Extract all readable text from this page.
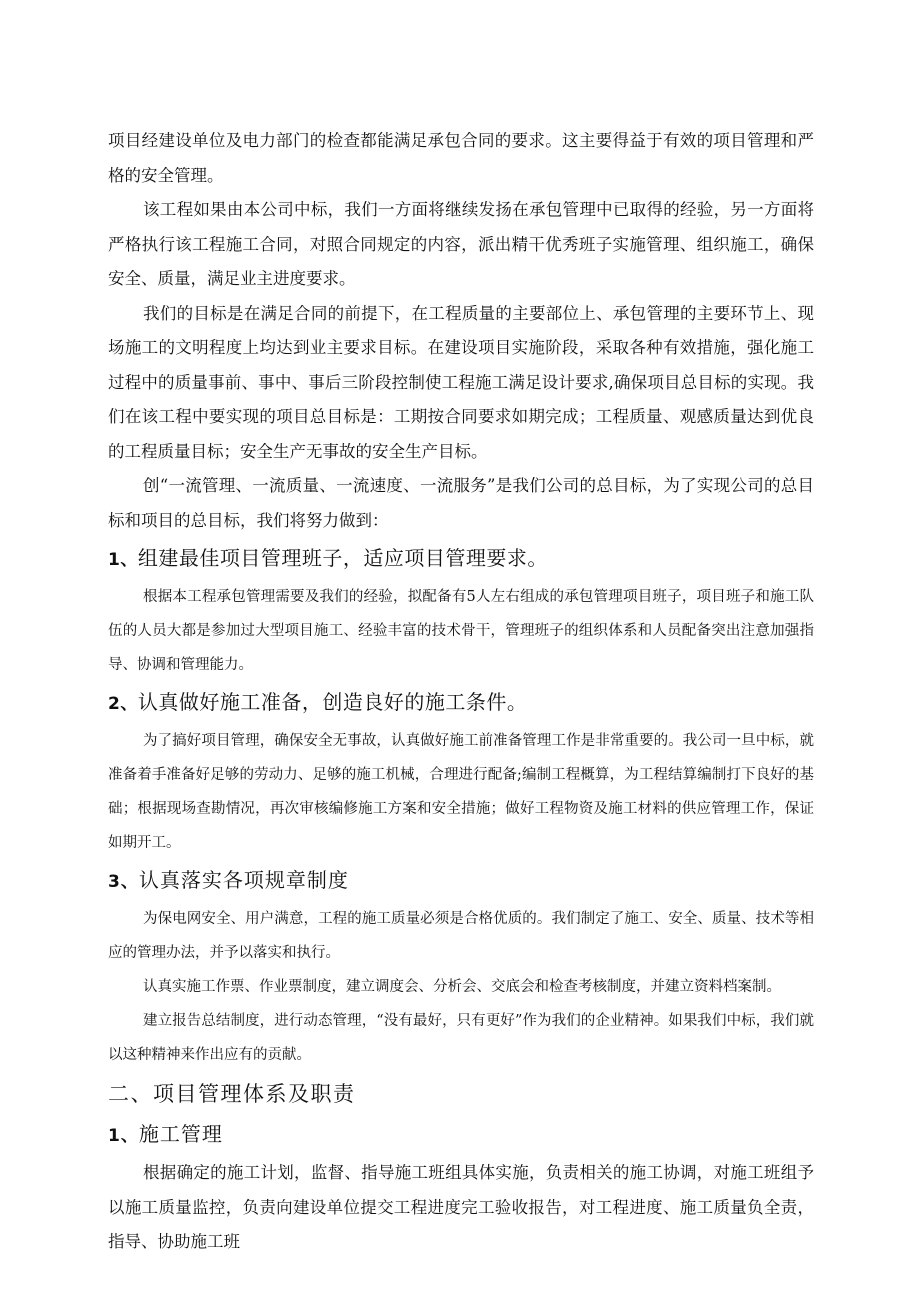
项目经建设单位及电力部门的检查都能满足承包合同的要求。这主要得益于有效的项目管理和严格的安全管理。

该工程如果由本公司中标，我们一方面将继续发扬在承包管理中已取得的经验，另一方面将严格执行该工程施工合同，对照合同规定的内容，派出精干优秀班子实施管理、组织施工，确保安全、质量，满足业主进度要求。

我们的目标是在满足合同的前提下，在工程质量的主要部位上、承包管理的主要环节上、现场施工的文明程度上均达到业主要求目标。在建设项目实施阶段，采取各种有效措施，强化施工过程中的质量事前、事中、事后三阶段控制使工程施工满足设计要求,确保项目总目标的实现。我们在该工程中要实现的项目总目标是：工期按合同要求如期完成；工程质量、观感质量达到优良的工程质量目标；安全生产无事故的安全生产目标。

创“一流管理、一流质量、一流速度、一流服务”是我们公司的总目标，为了实现公司的总目标和项目的总目标，我们将努力做到：

1、组建最佳项目管理班子，适应项目管理要求。

根据本工程承包管理需要及我们的经验，拟配备有5人左右组成的承包管理项目班子，项目班子和施工队伍的人员大都是参加过大型项目施工、经验丰富的技术骨干，管理班子的组织体系和人员配备突出注意加强指导、协调和管理能力。

2、认真做好施工准备，创造良好的施工条件。

为了搞好项目管理，确保安全无事故，认真做好施工前准备管理工作是非常重要的。我公司一旦中标，就准备着手准备好足够的劳动力、足够的施工机械，合理进行配备;编制工程概算，为工程结算编制打下良好的基础；根据现场查勘情况，再次审核编修施工方案和安全措施；做好工程物资及施工材料的供应管理工作，保证如期开工。

3、认真落实各项规章制度

为保电网安全、用户满意，工程的施工质量必须是合格优质的。我们制定了施工、安全、质量、技术等相应的管理办法，并予以落实和执行。

认真实施工作票、作业票制度，建立调度会、分析会、交底会和检查考核制度，并建立资料档案制。

建立报告总结制度，进行动态管理，“没有最好，只有更好”作为我们的企业精神。如果我们中标，我们就以这种精神来作出应有的贡献。

二、项目管理体系及职责

1、施工管理

根据确定的施工计划，监督、指导施工班组具体实施，负责相关的施工协调，对施工班组予以施工质量监控，负责向建设单位提交工程进度完工验收报告，对工程进度、施工质量负全责，指导、协助施工班
